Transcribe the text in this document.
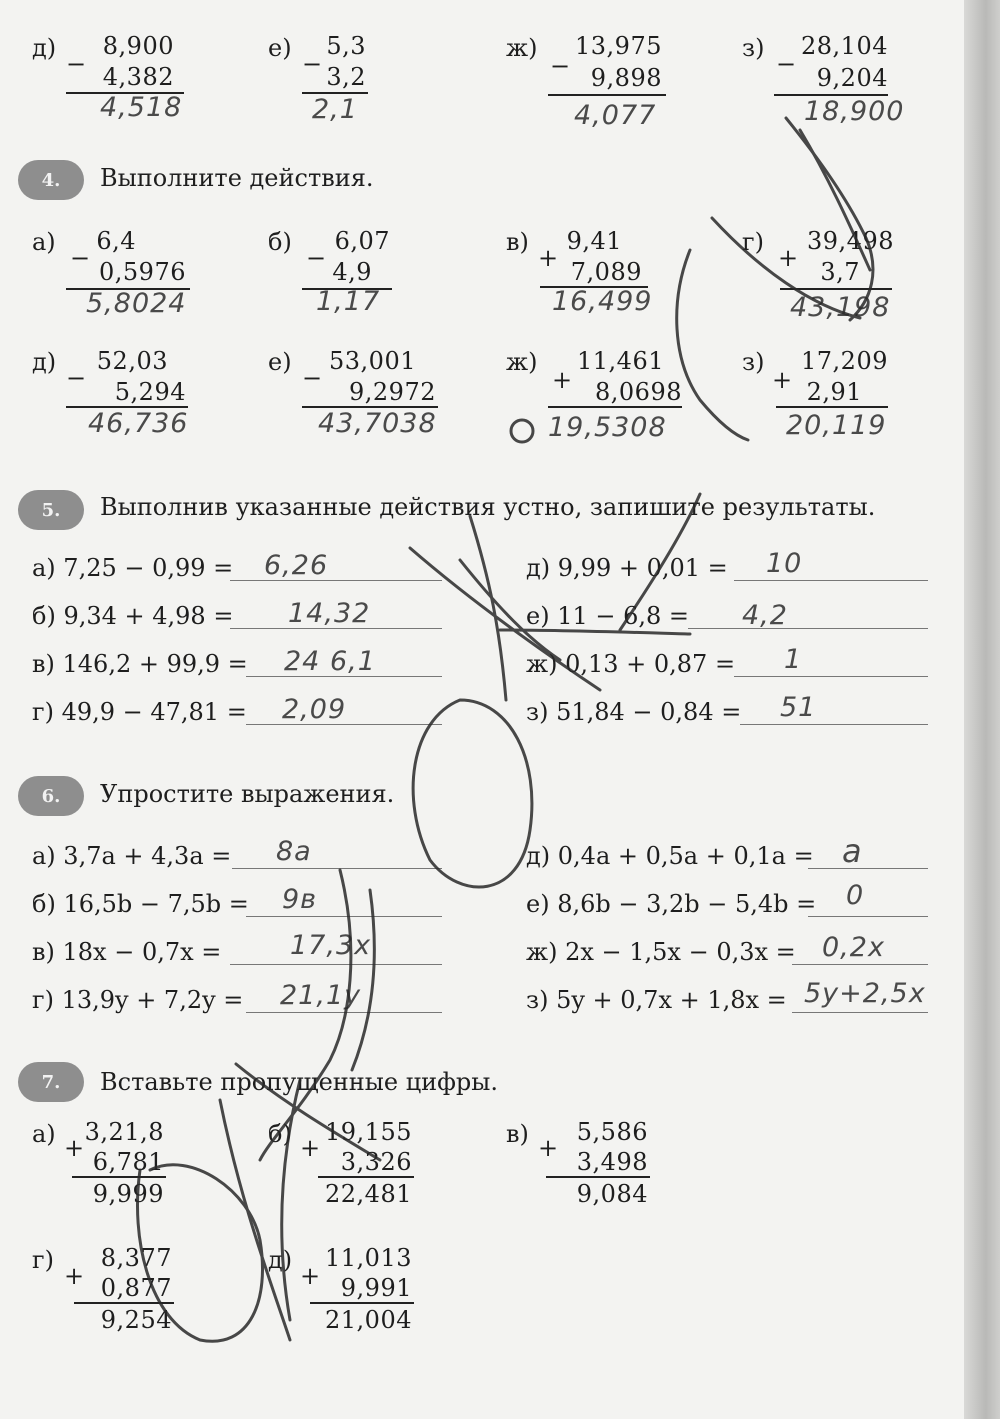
д)
−
8,900
4,382
4,518
е)
−
5,3
3,2
2,1
ж)
−
13,975
9,898
4,077
з)
−
28,104
9,204
18,900
4.	Выполните действия.
а)
−
6,4
0,5976
5,8024
б)
−
6,07
4,9
1,17
в)
+
9,41
7,089
16,499
г)
+
39,498
3,7
43,198
д)
−
52,03
5,294
46,736
е)
−
53,001
9,2972
43,7038
ж)
+
11,461
8,0698
19,5308
з)
+
17,209
2,91
20,119
5.	Выполнив указанные действия устно, запишите результаты.
а) 7,25 − 0,99 = 6,26
б) 9,34 + 4,98 = 14,32
в) 146,2 + 99,9 = 24 6,1
г) 49,9 − 47,81 = 2,09
д) 9,99 + 0,01 = 10
е) 11 − 6,8 = 4,2
ж) 0,13 + 0,87 = 1
з) 51,84 − 0,84 = 51
6.	Упростите выражения.
а) 3,7a + 4,3a = 8a
б) 16,5b − 7,5b = 9в
в) 18x − 0,7x =	17,3x
г) 13,9y + 7,2y = 21,1y
д) 0,4a + 0,5a + 0,1a = a
е) 8,6b − 3,2b − 5,4b = 0
ж) 2x − 1,5x − 0,3x = 0,2x
з) 5y + 0,7x + 1,8x = 5y+2,5x
7.	Вставьте пропущенные цифры.
а) +
3,21,8
6,781
9,999
б) +
19,155
3,326
22,481
в) +
5,586
3,498
9,084
г)
+
8,377
0,877
9,254
д)
+
11,013
9,991
21,004
